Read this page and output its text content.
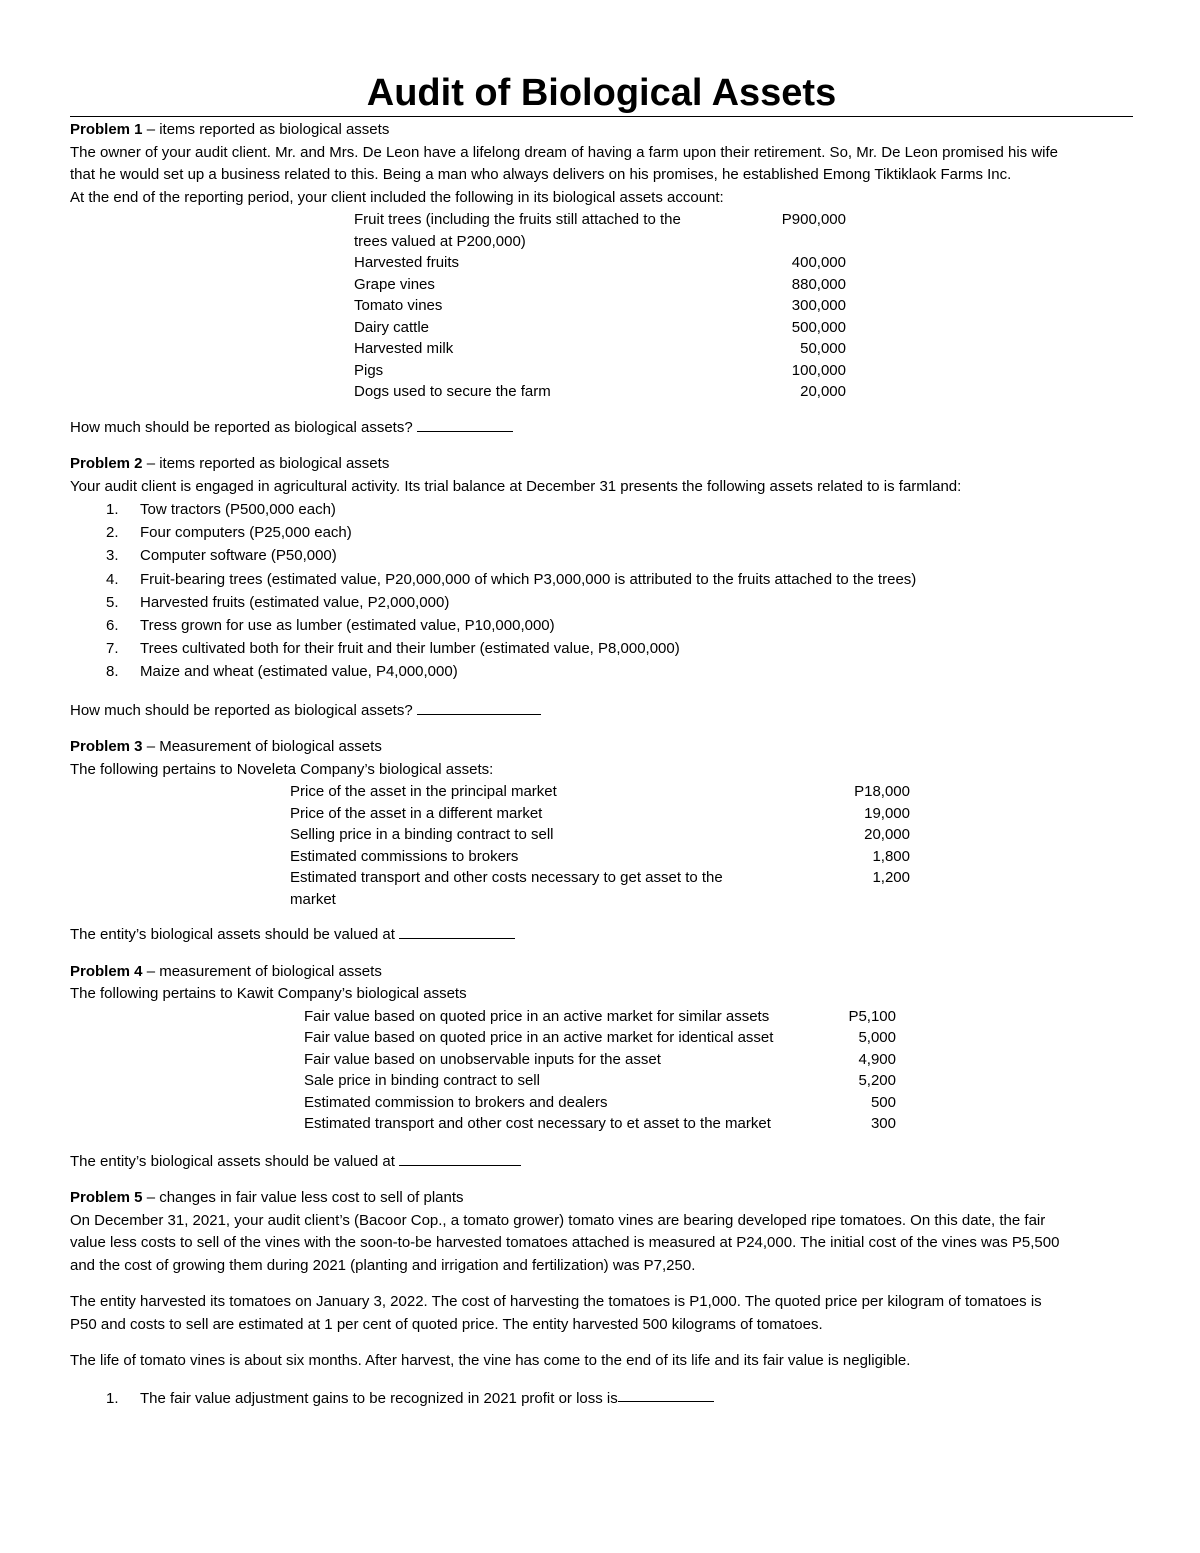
Audit of Biological Assets
Problem 1 – items reported as biological assets

The owner of your audit client. Mr. and Mrs. De Leon have a lifelong dream of having a farm upon their retirement. So, Mr. De Leon promised his wife

that he would set up a business related to this. Being a man who always delivers on his promises, he established Emong Tiktiklaok Farms Inc.

At the end of the reporting period, your client included the following in its biological assets account:

Fruit trees (including the fruits still attached to the
trees valued at P200,000)	P900,000
Harvested fruits	400,000
Grape vines	880,000
Tomato vines	300,000
Dairy cattle	500,000
Harvested milk	50,000
Pigs	100,000
Dogs used to secure the farm	20,000

How much should be reported as biological assets?

Problem 2 – items reported as biological assets

Your audit client is engaged in agricultural activity. Its trial balance at December 31 presents the following assets related to is farmland:

1.	Tow tractors (P500,000 each)
2.	Four computers (P25,000 each)
3.	Computer software (P50,000)
4.	Fruit-bearing trees (estimated value, P20,000,000 of which P3,000,000 is attributed to the fruits attached to the trees)
5.	Harvested fruits (estimated value, P2,000,000)
6.	Tress grown for use as lumber (estimated value, P10,000,000)
7.	Trees cultivated both for their fruit and their lumber (estimated value, P8,000,000)
8.	Maize and wheat (estimated value, P4,000,000)

How much should be reported as biological assets?

Problem 3 – Measurement of biological assets

The following pertains to Noveleta Company’s biological assets:

Price of the asset in the principal market	P18,000
Price of the asset in a different market	19,000
Selling price in a binding contract to sell	20,000
Estimated commissions to brokers	1,800
Estimated transport and other costs necessary to get asset to the
market	1,200

The entity’s biological assets should be valued at

Problem 4 – measurement of biological assets

The following pertains to Kawit Company’s biological assets

Fair value based on quoted price in an active market for similar assets	P5,100
Fair value based on quoted price in an active market for identical asset	5,000
Fair value based on unobservable inputs for the asset	4,900
Sale price in binding contract to sell	5,200
Estimated commission to brokers and dealers	500
Estimated transport and other cost necessary to et asset to the market	300

The entity’s biological assets should be valued at

Problem 5 – changes in fair value less cost to sell of plants

On December 31, 2021, your audit client’s (Bacoor Cop., a tomato grower) tomato vines are bearing developed ripe tomatoes. On this date, the fair

value less costs to sell of the vines with the soon-to-be harvested tomatoes attached is measured at P24,000. The initial cost of the vines was P5,500

and the cost of growing them during 2021 (planting and irrigation and fertilization) was P7,250.

The entity harvested its tomatoes on January 3, 2022. The cost of harvesting the tomatoes is P1,000. The quoted price per kilogram of tomatoes is

P50 and costs to sell are estimated at 1 per cent of quoted price. The entity harvested 500 kilograms of tomatoes.

The life of tomato vines is about six months. After harvest, the vine has come to the end of its life and its fair value is negligible.

1.	The fair value adjustment gains to be recognized in 2021 profit or loss is
